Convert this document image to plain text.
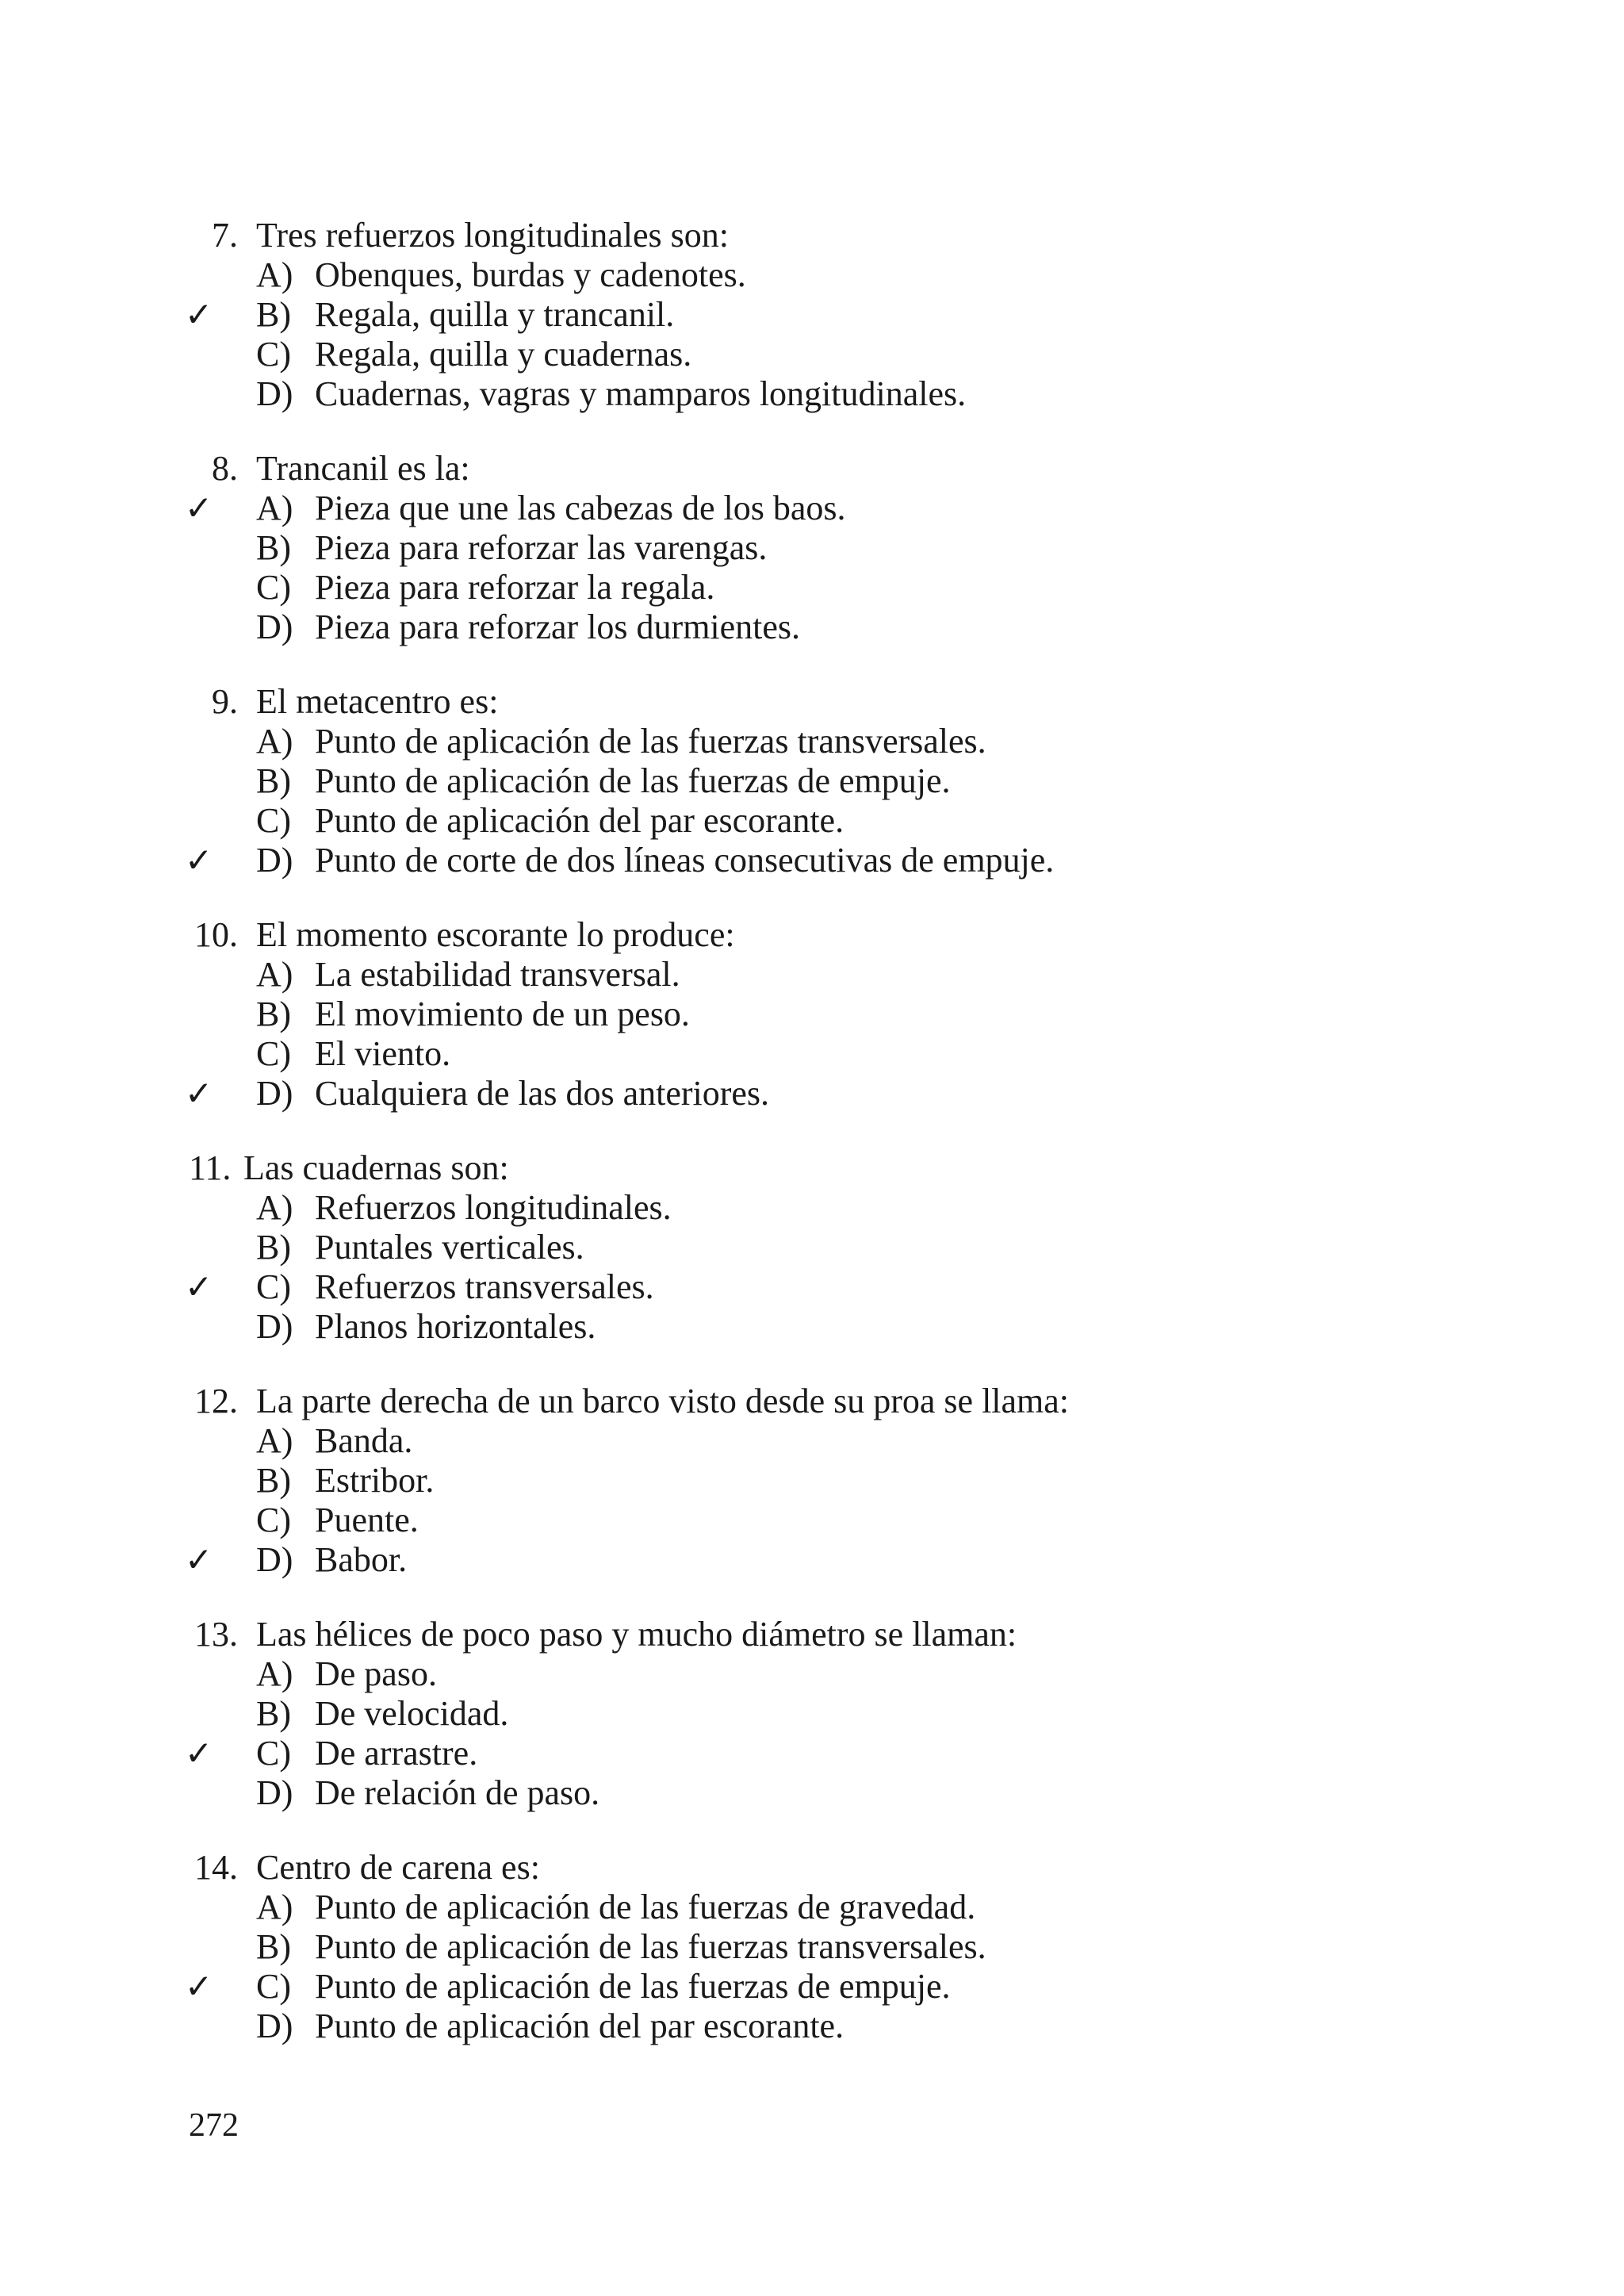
7. Tres refuerzos longitudinales son:
A) Obenques, burdas y cadenotes.
✓ B) Regala, quilla y trancanil.
C) Regala, quilla y cuadernas.
D) Cuadernas, vagras y mamparos longitudinales.
8. Trancanil es la:
✓ A) Pieza que une las cabezas de los baos.
B) Pieza para reforzar las varengas.
C) Pieza para reforzar la regala.
D) Pieza para reforzar los durmientes.
9. El metacentro es:
A) Punto de aplicación de las fuerzas transversales.
B) Punto de aplicación de las fuerzas de empuje.
C) Punto de aplicación del par escorante.
✓ D) Punto de corte de dos líneas consecutivas de empuje.
10. El momento escorante lo produce:
A) La estabilidad transversal.
B) El movimiento de un peso.
C) El viento.
✓ D) Cualquiera de las dos anteriores.
11. Las cuadernas son:
A) Refuerzos longitudinales.
B) Puntales verticales.
✓ C) Refuerzos transversales.
D) Planos horizontales.
12. La parte derecha de un barco visto desde su proa se llama:
A) Banda.
B) Estribor.
C) Puente.
✓ D) Babor.
13. Las hélices de poco paso y mucho diámetro se llaman:
A) De paso.
B) De velocidad.
✓ C) De arrastre.
D) De relación de paso.
14. Centro de carena es:
A) Punto de aplicación de las fuerzas de gravedad.
B) Punto de aplicación de las fuerzas transversales.
✓ C) Punto de aplicación de las fuerzas de empuje.
D) Punto de aplicación del par escorante.
272
